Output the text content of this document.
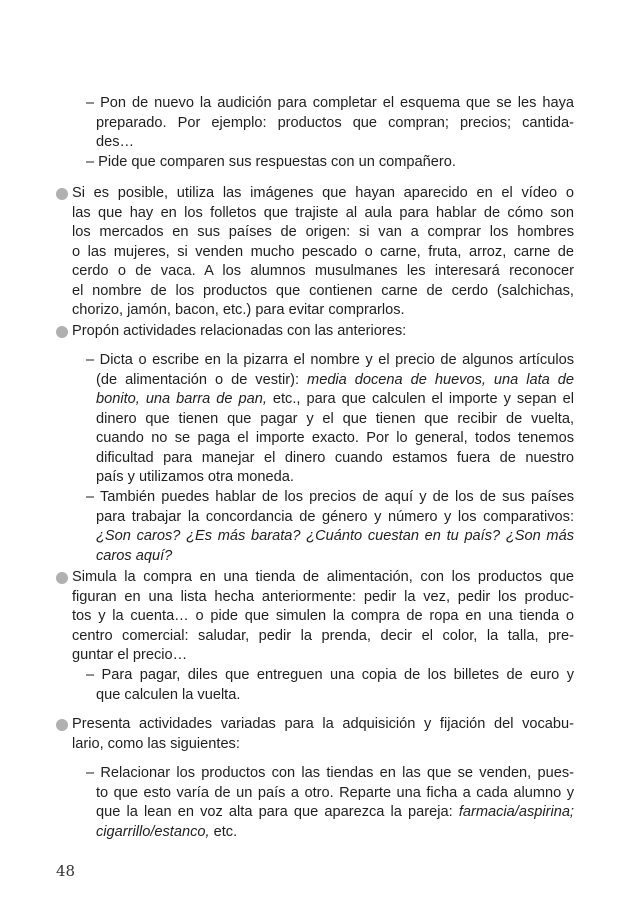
– Pon de nuevo la audición para completar el esquema que se les haya
preparado. Por ejemplo: productos que compran; precios; cantida-
des…
– Pide que comparen sus respuestas con un compañero.
Si es posible, utiliza las imágenes que hayan aparecido en el vídeo o
las que hay en los folletos que trajiste al aula para hablar de cómo son
los mercados en sus países de origen: si van a comprar los hombres
o las mujeres, si venden mucho pescado o carne, fruta, arroz, carne de
cerdo o de vaca. A los alumnos musulmanes les interesará reconocer
el nombre de los productos que contienen carne de cerdo (salchichas,
chorizo, jamón, bacon, etc.) para evitar comprarlos.
Propón actividades relacionadas con las anteriores:
– Dicta o escribe en la pizarra el nombre y el precio de algunos artículos
(de alimentación o de vestir): media docena de huevos, una lata de
bonito, una barra de pan, etc., para que calculen el importe y sepan el
dinero que tienen que pagar y el que tienen que recibir de vuelta,
cuando no se paga el importe exacto. Por lo general, todos tenemos
dificultad para manejar el dinero cuando estamos fuera de nuestro
país y utilizamos otra moneda.
– También puedes hablar de los precios de aquí y de los de sus países
para trabajar la concordancia de género y número y los comparativos:
¿Son caros? ¿Es más barata? ¿Cuánto cuestan en tu país? ¿Son más
caros aquí?
Simula la compra en una tienda de alimentación, con los productos que
figuran en una lista hecha anteriormente: pedir la vez, pedir los produc-
tos y la cuenta… o pide que simulen la compra de ropa en una tienda o
centro comercial: saludar, pedir la prenda, decir el color, la talla, pre-
guntar el precio…
– Para pagar, diles que entreguen una copia de los billetes de euro y
que calculen la vuelta.
Presenta actividades variadas para la adquisición y fijación del vocabu-
lario, como las siguientes:
– Relacionar los productos con las tiendas en las que se venden, pues-
to que esto varía de un país a otro. Reparte una ficha a cada alumno y
que la lean en voz alta para que aparezca la pareja: farmacia/aspirina;
cigarrillo/estanco, etc.
48
